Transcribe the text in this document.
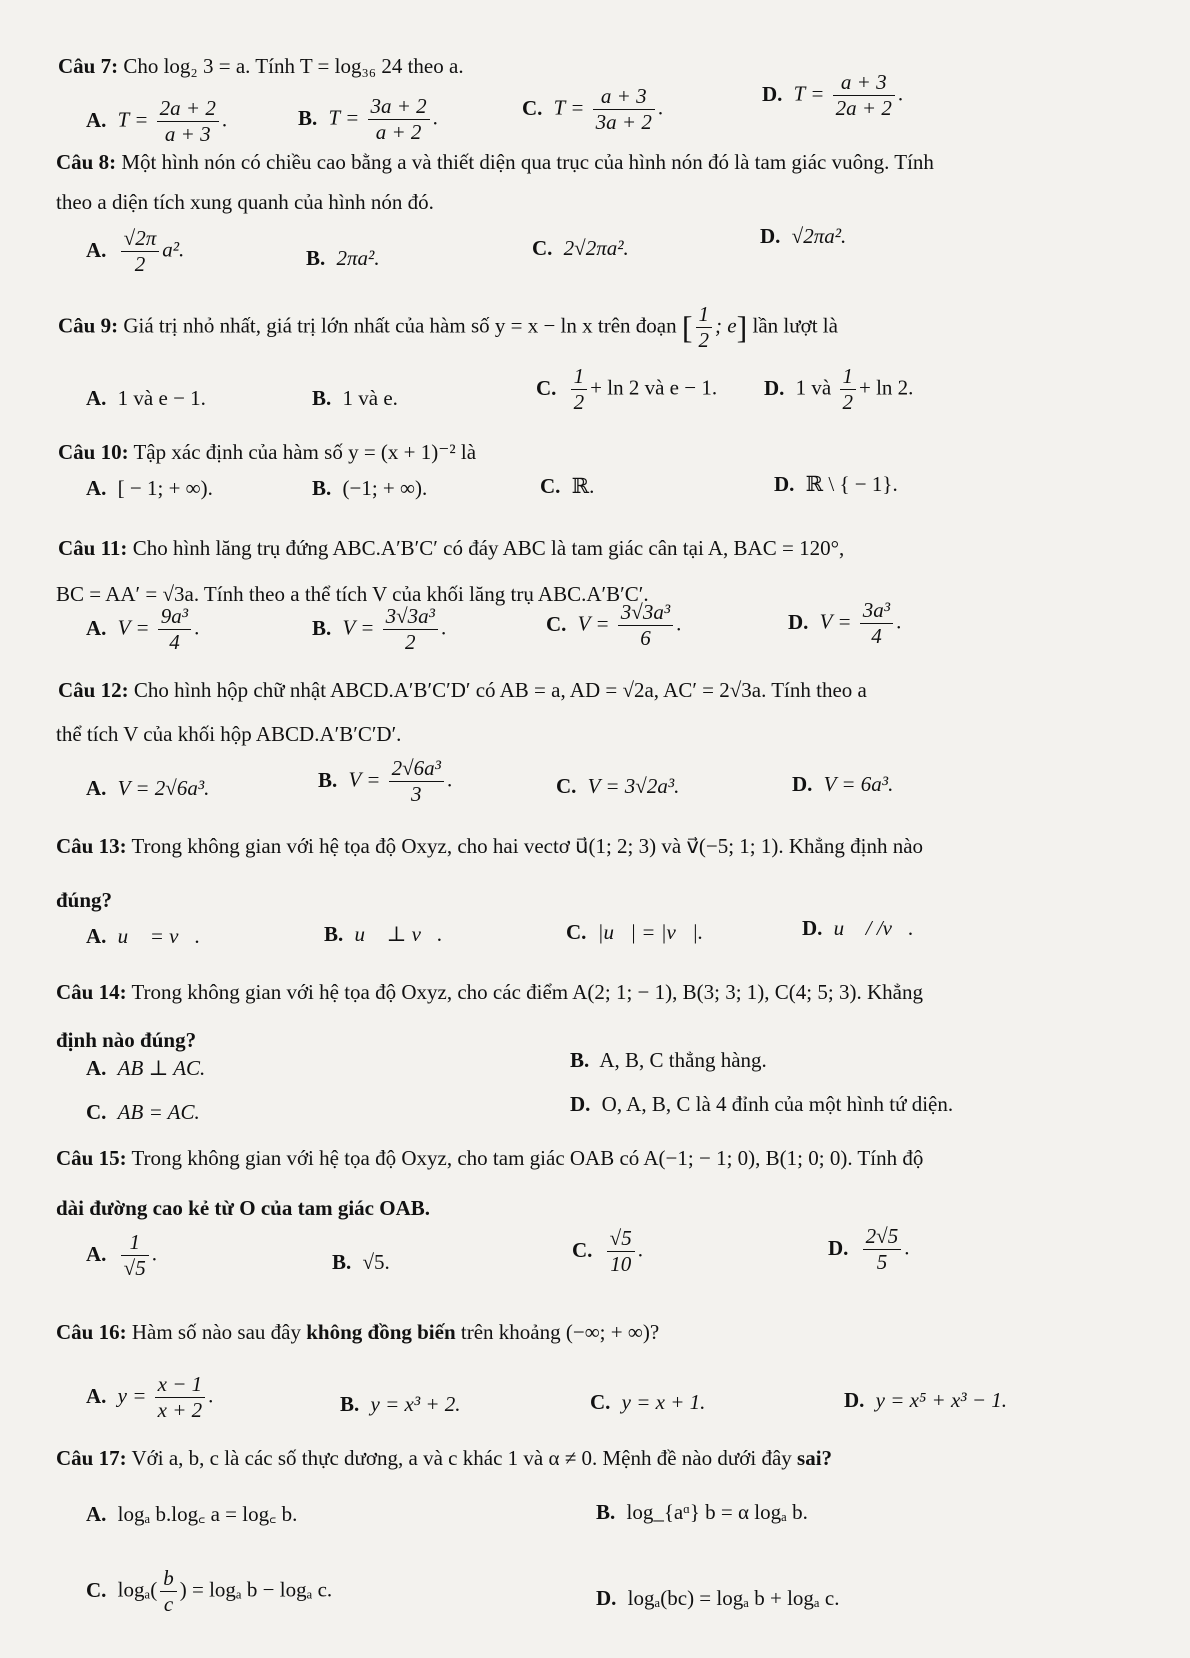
Câu 7: Cho log₂ 3 = a. Tính T = log₃₆ 24 theo a.
A. $T = \frac{2a + 2}{a + 3}$ .	B. $T = \frac{3a + 2}{a + 2}$ .	C. $T = \frac{a + 3}{3a + 2}$ .
D. $T = \frac{a + 3}{2a + 2}$ .
Câu 8: Một hình nón có chiều cao bằng a và thiết diện qua trục của hình nón đó là tam giác vuông. Tính
theo a diện tích xung quanh của hình nón đó.
A. $\frac{√2\pi}{2} a^2$.	B. 2πa².	C. 2√2πa².	D. √2πa².
Câu 9: Giá trị nhỏ nhất, giá trị lớn nhất của hàm số y = x − ln x trên đoạn [ $\frac{1}{2}$ ; e] lần lượt là
A. 1 và e − 1.	B. 1 và e.	C. $\frac{1}{2} + \ln 2$ và e − 1. D. 1 và $\frac{1}{2} + \ln 2$.
Câu 10: Tập xác định của hàm số y = (x + 1)⁻² là
A. [ − 1; + ∞).	B. (−1; + ∞).	C. ℝ.	D. ℝ \ { − 1}.
Câu 11: Cho hình lăng trụ đứng ABC.A′B′C′ có đáy ABC là tam giác cân tại A, BAC = 120°,
BC = AA′ = √3a. Tính theo a thể tích V của khối lăng trụ ABC.A′B′C′.
A. $V = \frac{\text{9a³}}{4}$ .	B. $V = \frac{\text{3√3a³}}{2}$ .	C. $V = \frac{\text{3√3a³}}{6}$ .	D. $V = \frac{\text{3a³}}{4}$ .
Câu 12: Cho hình hộp chữ nhật ABCD.A′B′C′D′ có AB = a, AD = √2a, AC′ = 2√3a. Tính theo a
thể tích V của khối hộp ABCD.A′B′C′D′.
A. V = 2√6a³.	B. $V = \frac{\text{2√6a³}}{3}$ .	C. V = 3√2a³.	D. V = 6a³.
Câu 13: Trong không gian với hệ tọa độ Oxyz, cho hai vectơ u⃗(1; 2; 3) và v⃗(−5; 1; 1). Khẳng định nào
đúng?
A. u⃗ = v⃗.	B. u⃗ ⊥ v⃗.	C. |u⃗| = |v⃗|.	D. u⃗ / /v⃗.
Câu 14: Trong không gian với hệ tọa độ Oxyz, cho các điểm A(2; 1; − 1), B(3; 3; 1), C(4; 5; 3). Khẳng
định nào đúng?
A. AB ⊥ AC.	B. A, B, C thẳng hàng.
C. AB = AC.	D. O, A, B, C là 4 đỉnh của một hình tứ diện.
Câu 15: Trong không gian với hệ tọa độ Oxyz, cho tam giác OAB có A(−1; − 1; 0), B(1; 0; 0). Tính độ
dài đường cao kẻ từ O của tam giác OAB.
A. $\frac{1}{√5}$ .	B. √5.
C. $\frac{√5}{10}$ .	D. $\frac{2√5}{5}$ .
Câu 16: Hàm số nào sau đây không đồng biến trên khoảng (−∞; + ∞)?
A. $y = \frac{x - 1}{x + 2}$ .	B. y = x³ + 2.	C. y = x + 1.	D. y = x⁵ + x³ − 1.
Câu 17: Với a, b, c là các số thực dương, a và c khác 1 và α ≠ 0. Mệnh đề nào dưới đây sai?
A. logₐ b.log꜀ a = log꜀ b.	B. log_{aᵅ} b = α logₐ b.
C. $\log_a( \frac{b}{c}$ ) = logₐ b − logₐ c.	D. logₐ(bc) = logₐ b + logₐ c.
